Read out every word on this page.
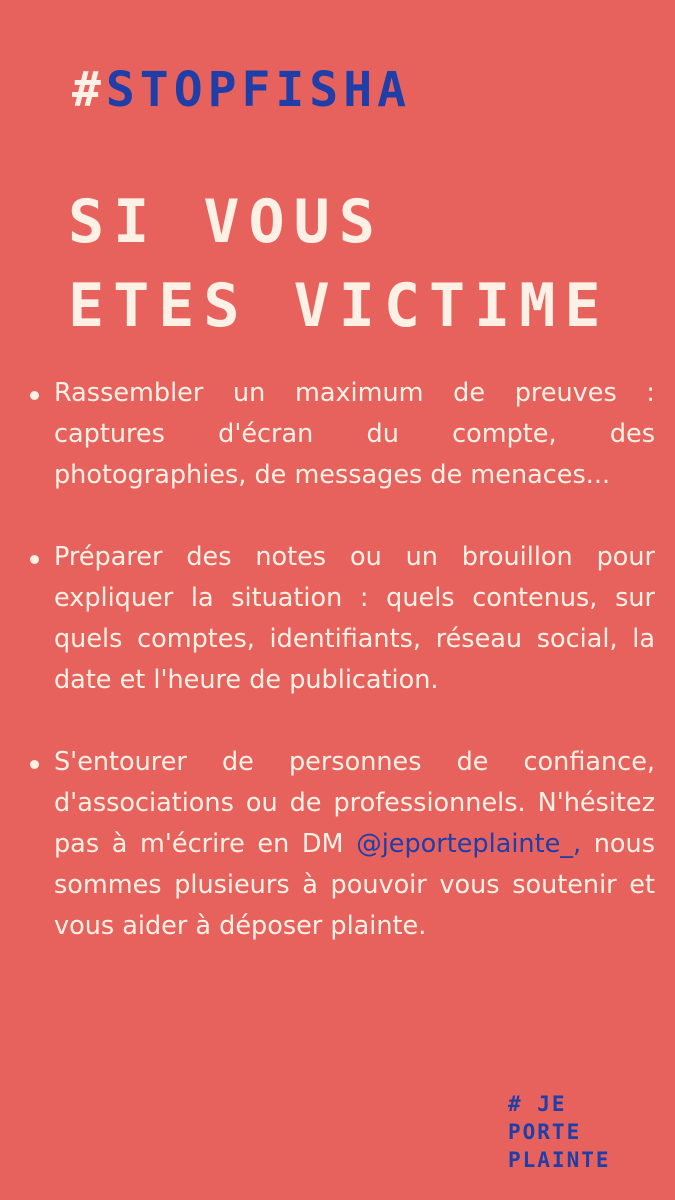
#STOPFISHA
SI VOUS
ETES VICTIME
Rassembler un maximum de preuves : captures d'écran du compte, des photographies, de messages de menaces...
Préparer des notes ou un brouillon pour expliquer la situation : quels contenus, sur quels comptes, identifiants, réseau social, la date et l'heure de publication.
S'entourer de personnes de confiance, d'associations ou de professionnels. N'hésitez pas à m'écrire en DM @jeporteplainte_, nous sommes plusieurs à pouvoir vous soutenir et vous aider à déposer plainte.
# JE
PORTE
PLAINTE
